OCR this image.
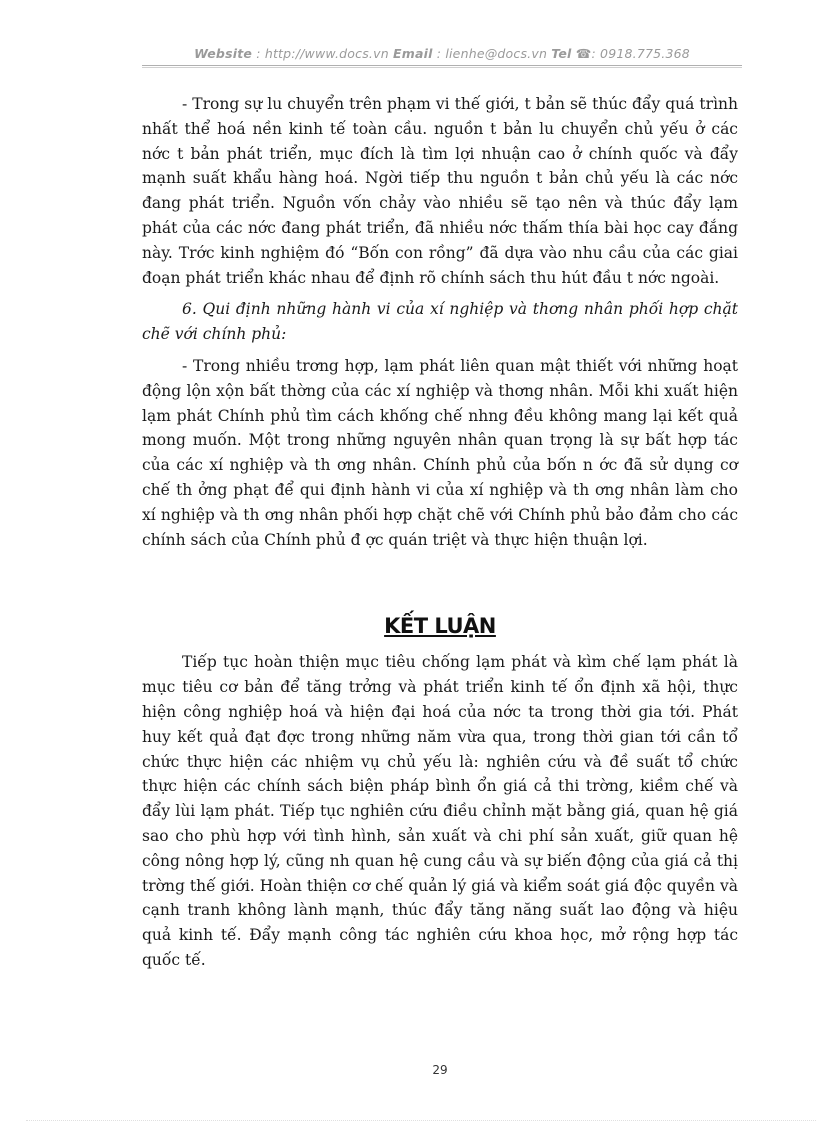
Website : http://www.docs.vn Email : lienhe@docs.vn Tel ☎: 0918.775.368

- Trong sự lu chuyển trên phạm vi thế giới, t bản sẽ thúc đẩy quá trình nhất thể hoá nền kinh tế toàn cầu. nguồn t bản lu chuyển chủ yếu ở các nớc t bản phát triển, mục đích là tìm lợi nhuận cao ở chính quốc và đẩy mạnh suất khẩu hàng hoá. Ngời tiếp thu nguồn t bản chủ yếu là các nớc đang phát triển. Nguồn vốn chảy vào nhiều sẽ tạo nên và thúc đẩy lạm phát của các nớc đang phát triển, đã nhiều nớc thấm thía bài học cay đắng này. Trớc kinh nghiệm đó “Bốn con rồng” đã dựa vào nhu cầu của các giai đoạn phát triển khác nhau để định rõ chính sách thu hút đầu t nớc ngoài.

6. Qui định những hành vi của xí nghiệp và thơng nhân phối hợp chặt chẽ với chính phủ:

- Trong nhiều trơng hợp, lạm phát liên quan mật thiết với những hoạt động lộn xộn bất thờng của các xí nghiệp và thơng nhân. Mỗi khi xuất hiện lạm phát Chính phủ tìm cách khống chế nhng đều không mang lại kết quả mong muốn. Một trong những nguyên nhân quan trọng là sự bất hợp tác của các xí nghiệp và th ơng nhân. Chính phủ của bốn n ớc đã sử dụng cơ chế th ởng phạt để qui định hành vi của xí nghiệp và th ơng nhân làm cho xí nghiệp và th ơng nhân phối hợp chặt chẽ với Chính phủ bảo đảm cho các chính sách của Chính phủ đ ợc quán triệt và thực hiện thuận lợi.

KẾT LUẬN

Tiếp tục hoàn thiện mục tiêu chống lạm phát và kìm chế lạm phát là mục tiêu cơ bản để tăng trởng và phát triển kinh tế ổn định xã hội, thực hiện công nghiệp hoá và hiện đại hoá của nớc ta trong thời gia tới. Phát huy kết quả đạt đợc trong những năm vừa qua, trong thời gian tới cần tổ chức thực hiện các nhiệm vụ chủ yếu là: nghiên cứu và đề suất tổ chức thực hiện các chính sách biện pháp bình ổn giá cả thi trờng, kiềm chế và đẩy lùi lạm phát. Tiếp tục nghiên cứu điều chỉnh mặt bằng giá, quan hệ giá sao cho phù hợp với tình hình, sản xuất và chi phí sản xuất, giữ quan hệ công nông hợp lý, cũng nh quan hệ cung cầu và sự biến động của giá cả thị trờng thế giới. Hoàn thiện cơ chế quản lý giá và kiểm soát giá độc quyền và cạnh tranh không lành mạnh, thúc đẩy tăng năng suất lao động và hiệu quả kinh tế. Đẩy mạnh công tác nghiên cứu khoa học, mở rộng hợp tác quốc tế.

29
